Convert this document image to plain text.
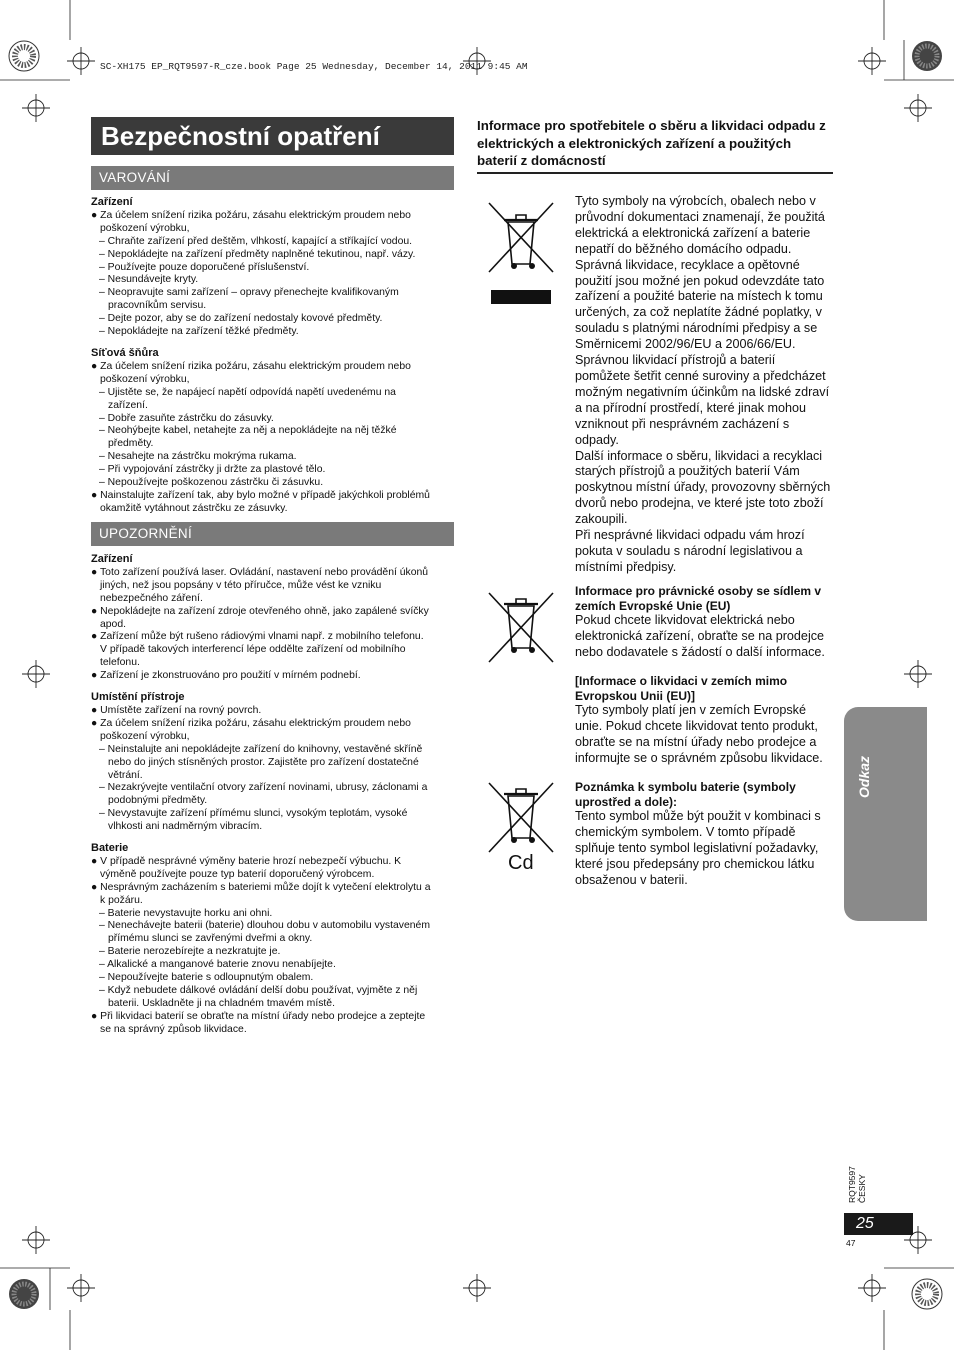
SC-XH175 EP_RQT9597-R_cze.book Page 25 Wednesday, December 14, 2011 9:45 AM
Bezpečnostní opatření
VAROVÁNÍ
Zařízení
● Za účelem snížení rizika požáru, zásahu elektrickým proudem nebo
poškození výrobku,
– Chraňte zařízení před deštěm, vlhkostí, kapající a stříkající vodou.
– Nepokládejte na zařízení předměty naplněné tekutinou, např. vázy.
– Používejte pouze doporučené příslušenství.
– Nesundávejte kryty.
– Neopravujte sami zařízení – opravy přenechejte kvalifikovaným
pracovníkům servisu.
– Dejte pozor, aby se do zařízení nedostaly kovové předměty.
– Nepokládejte na zařízení těžké předměty.
Síťová šňůra
● Za účelem snížení rizika požáru, zásahu elektrickým proudem nebo
poškození výrobku,
– Ujistěte se, že napájecí napětí odpovídá napětí uvedenému na
zařízení.
– Dobře zasuňte zástrčku do zásuvky.
– Neohýbejte kabel, netahejte za něj a nepokládejte na něj těžké
předměty.
– Nesahejte na zástrčku mokrýma rukama.
– Při vypojování zástrčky ji držte za plastové tělo.
– Nepoužívejte poškozenou zástrčku či zásuvku.
● Nainstalujte zařízení tak, aby bylo možné v případě jakýchkoli problémů
okamžitě vytáhnout zástrčku ze zásuvky.
UPOZORNĚNÍ
Zařízení
● Toto zařízení používá laser. Ovládání, nastavení nebo provádění úkonů
jiných, než jsou popsány v této příručce, může vést ke vzniku
nebezpečného záření.
● Nepokládejte na zařízení zdroje otevřeného ohně, jako zapálené svíčky
apod.
● Zařízení může být rušeno rádiovými vlnami např. z mobilního telefonu.
V případě takových interferencí lépe oddělte zařízení od mobilního
telefonu.
● Zařízení je zkonstruováno pro použití v mírném podnebí.
Umístění přístroje
● Umístěte zařízení na rovný povrch.
● Za účelem snížení rizika požáru, zásahu elektrickým proudem nebo
poškození výrobku,
– Neinstalujte ani nepokládejte zařízení do knihovny, vestavěné skříně
nebo do jiných stísněných prostor. Zajistěte pro zařízení dostatečné
větrání.
– Nezakrývejte ventilační otvory zařízení novinami, ubrusy, záclonami a
podobnými předměty.
– Nevystavujte zařízení přímému slunci, vysokým teplotám, vysoké
vlhkosti ani nadměrným vibracím.
Baterie
● V případě nesprávné výměny baterie hrozí nebezpečí výbuchu. K
výměně používejte pouze typ baterií doporučený výrobcem.
● Nesprávným zacházením s bateriemi může dojít k vytečení elektrolytu a
k požáru.
– Baterie nevystavujte horku ani ohni.
– Nenechávejte baterii (baterie) dlouhou dobu v automobilu vystaveném
přímému slunci se zavřenými dveřmi a okny.
– Baterie nerozebírejte a nezkratujte je.
– Alkalické a manganové baterie znovu nenabíjejte.
– Nepoužívejte baterie s odloupnutým obalem.
– Když nebudete dálkové ovládání delší dobu používat, vyjměte z něj
baterii. Uskladněte ji na chladném tmavém místě.
● Při likvidaci baterií se obraťte na místní úřady nebo prodejce a zeptejte
se na správný způsob likvidace.
Informace pro spotřebitele o sběru a likvidaci odpadu z elektrických a elektronických zařízení a použitých baterií z domácností
Cd
Tyto symboly na výrobcích, obalech nebo v průvodní dokumentaci znamenají, že použitá elektrická a elektronická zařízení a baterie nepatří do běžného domácího odpadu. Správná likvidace, recyklace a opětovné použití jsou možné jen pokud odevzdáte tato zařízení a použité baterie na místech k tomu určených, za což neplatíte žádné poplatky, v souladu s platnými národními předpisy a se Směrnicemi 2002/96/EU a 2006/66/EU.
Správnou likvidací přístrojů a baterií pomůžete šetřit cenné suroviny a předcházet možným negativním účinkům na lidské zdraví a na přírodní prostředí, které jinak mohou vzniknout při nesprávném zacházení s odpady.
Další informace o sběru, likvidaci a recyklaci starých přístrojů a použitých baterií Vám poskytnou místní úřady, provozovny sběrných dvorů nebo prodejna, ve které jste toto zboží zakoupili.
Při nesprávné likvidaci odpadu vám hrozí pokuta v souladu s národní legislativou a místními předpisy.
Informace pro právnické osoby se sídlem v zemích Evropské Unie (EU)
Pokud chcete likvidovat elektrická nebo elektronická zařízení, obraťte se na prodejce nebo dodavatele s žádostí o další informace.
[Informace o likvidaci v zemích mimo Evropskou Unii (EU)]
Tyto symboly platí jen v zemích Evropské unie. Pokud chcete likvidovat tento produkt, obraťte se na místní úřady nebo prodejce a informujte se o správném způsobu likvidace.
Poznámka k symbolu baterie (symboly uprostřed a dole):
Tento symbol může být použit v kombinaci s chemickým symbolem. V tomto případě splňuje tento symbol legislativní požadavky, které jsou předepsány pro chemickou látku obsaženou v baterii.
Odkaz
RQT9597 ČESKY
25
47
